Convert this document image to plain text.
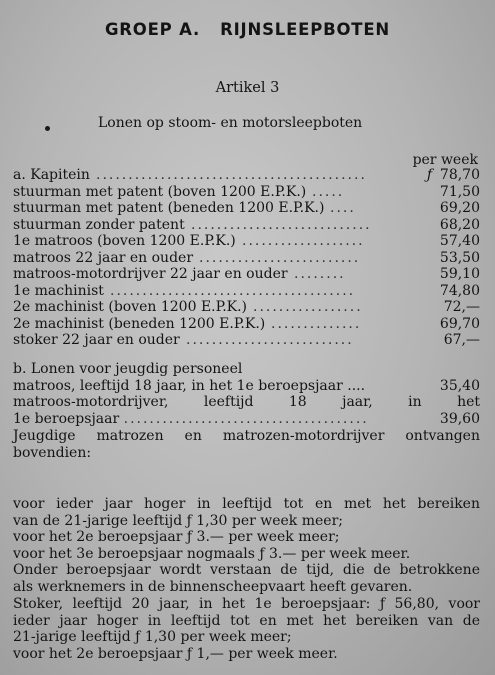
GROEP A. RIJNSLEEPBOTEN
Artikel 3
Lonen op stoom- en motorsleepboten
per week
a. Kapitein ..........................................	ƒ 78,70
stuurman met patent (boven 1200 E.P.K.) .....	71,50
stuurman met patent (beneden 1200 E.P.K.) ....	69,20
stuurman zonder patent ............................	68,20
1e matroos (boven 1200 E.P.K.) ...................	57,40
matroos 22 jaar en ouder .........................	53,50
matroos-motordrijver 22 jaar en ouder ........	59,10
1e machinist ......................................	74,80
2e machinist (boven 1200 E.P.K.) .................	72,—
2e machinist (beneden 1200 E.P.K.) ..............	69,70
stoker 22 jaar en ouder ..........................	67,—
b. Lonen voor jeugdig personeel
matroos, leeftijd 18 jaar, in het 1e beroepsjaar ....	35,40
matroos-motordrijver, leeftijd 18 jaar, in het
1e beroepsjaar ......................................	39,60
Jeugdige matrozen en matrozen-motordrijver ontvangen
bovendien:
voor ieder jaar hoger in leeftijd tot en met het bereiken
van de 21-jarige leeftijd ƒ 1,30 per week meer;
voor het 2e beroepsjaar ƒ 3.— per week meer;
voor het 3e beroepsjaar nogmaals ƒ 3.— per week meer.
Onder beroepsjaar wordt verstaan de tijd, die de betrokkene
als werknemers in de binnenscheepvaart heeft gevaren.
Stoker, leeftijd 20 jaar, in het 1e beroepsjaar: ƒ 56,80, voor
ieder jaar hoger in leeftijd tot en met het bereiken van de
21-jarige leeftijd ƒ 1,30 per week meer;
voor het 2e beroepsjaar ƒ 1,— per week meer.
